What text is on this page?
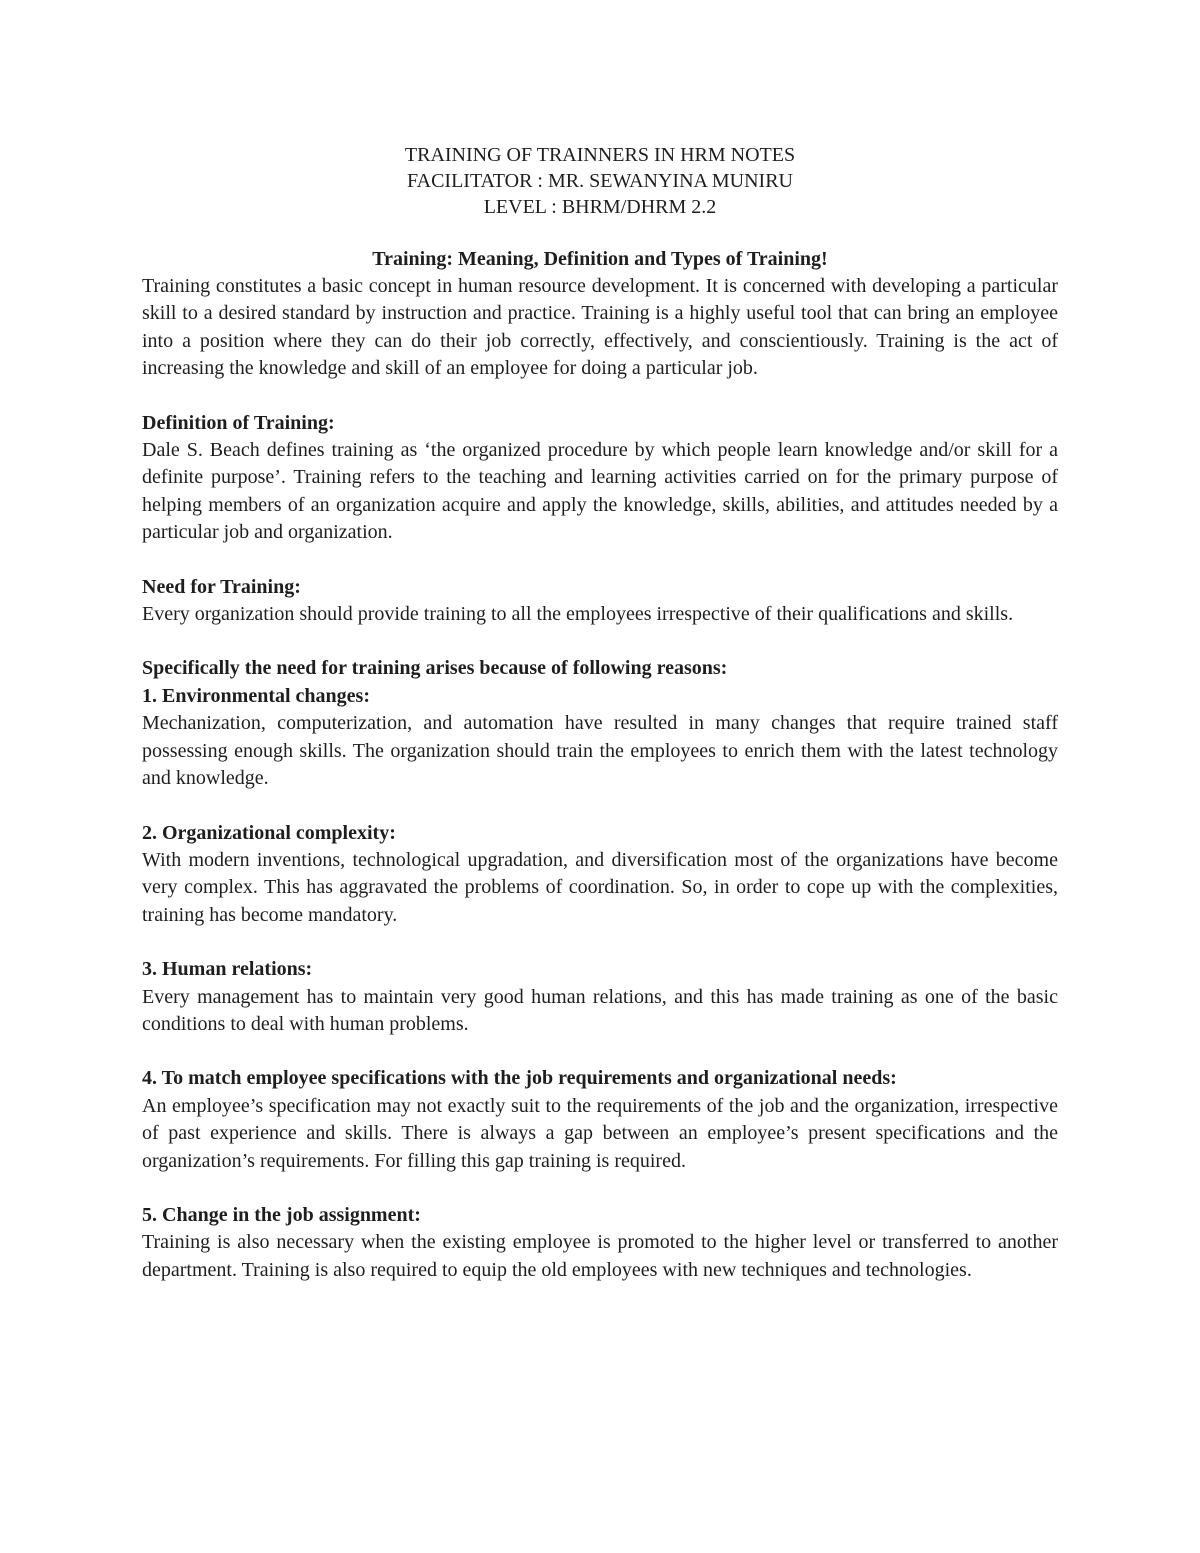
TRAINING OF TRAINNERS IN HRM NOTES
FACILITATOR : MR. SEWANYINA MUNIRU
LEVEL : BHRM/DHRM 2.2
Training: Meaning, Definition and Types of Training!

Training constitutes a basic concept in human resource development. It is concerned with developing a particular skill to a desired standard by instruction and practice. Training is a highly useful tool that can bring an employee into a position where they can do their job correctly, effectively, and conscientiously. Training is the act of increasing the knowledge and skill of an employee for doing a particular job.

Definition of Training:

Dale S. Beach defines training as ‘the organized procedure by which people learn knowledge and/or skill for a definite purpose’. Training refers to the teaching and learning activities carried on for the primary purpose of helping members of an organization acquire and apply the knowledge, skills, abilities, and attitudes needed by a particular job and organization.

Need for Training:

Every organization should provide training to all the employees irrespective of their qualifications and skills.

Specifically the need for training arises because of following reasons:
1. Environmental changes:

Mechanization, computerization, and automation have resulted in many changes that require trained staff possessing enough skills. The organization should train the employees to enrich them with the latest technology and knowledge.

2. Organizational complexity:

With modern inventions, technological upgradation, and diversification most of the organizations have become very complex. This has aggravated the problems of coordination. So, in order to cope up with the complexities, training has become mandatory.

3. Human relations:

Every management has to maintain very good human relations, and this has made training as one of the basic conditions to deal with human problems.

4. To match employee specifications with the job requirements and organizational needs:

An employee’s specification may not exactly suit to the requirements of the job and the organization, irrespective of past experience and skills. There is always a gap between an employee’s present specifications and the organization’s requirements. For filling this gap training is required.

5. Change in the job assignment:

Training is also necessary when the existing employee is promoted to the higher level or transferred to another department. Training is also required to equip the old employees with new techniques and technologies.
